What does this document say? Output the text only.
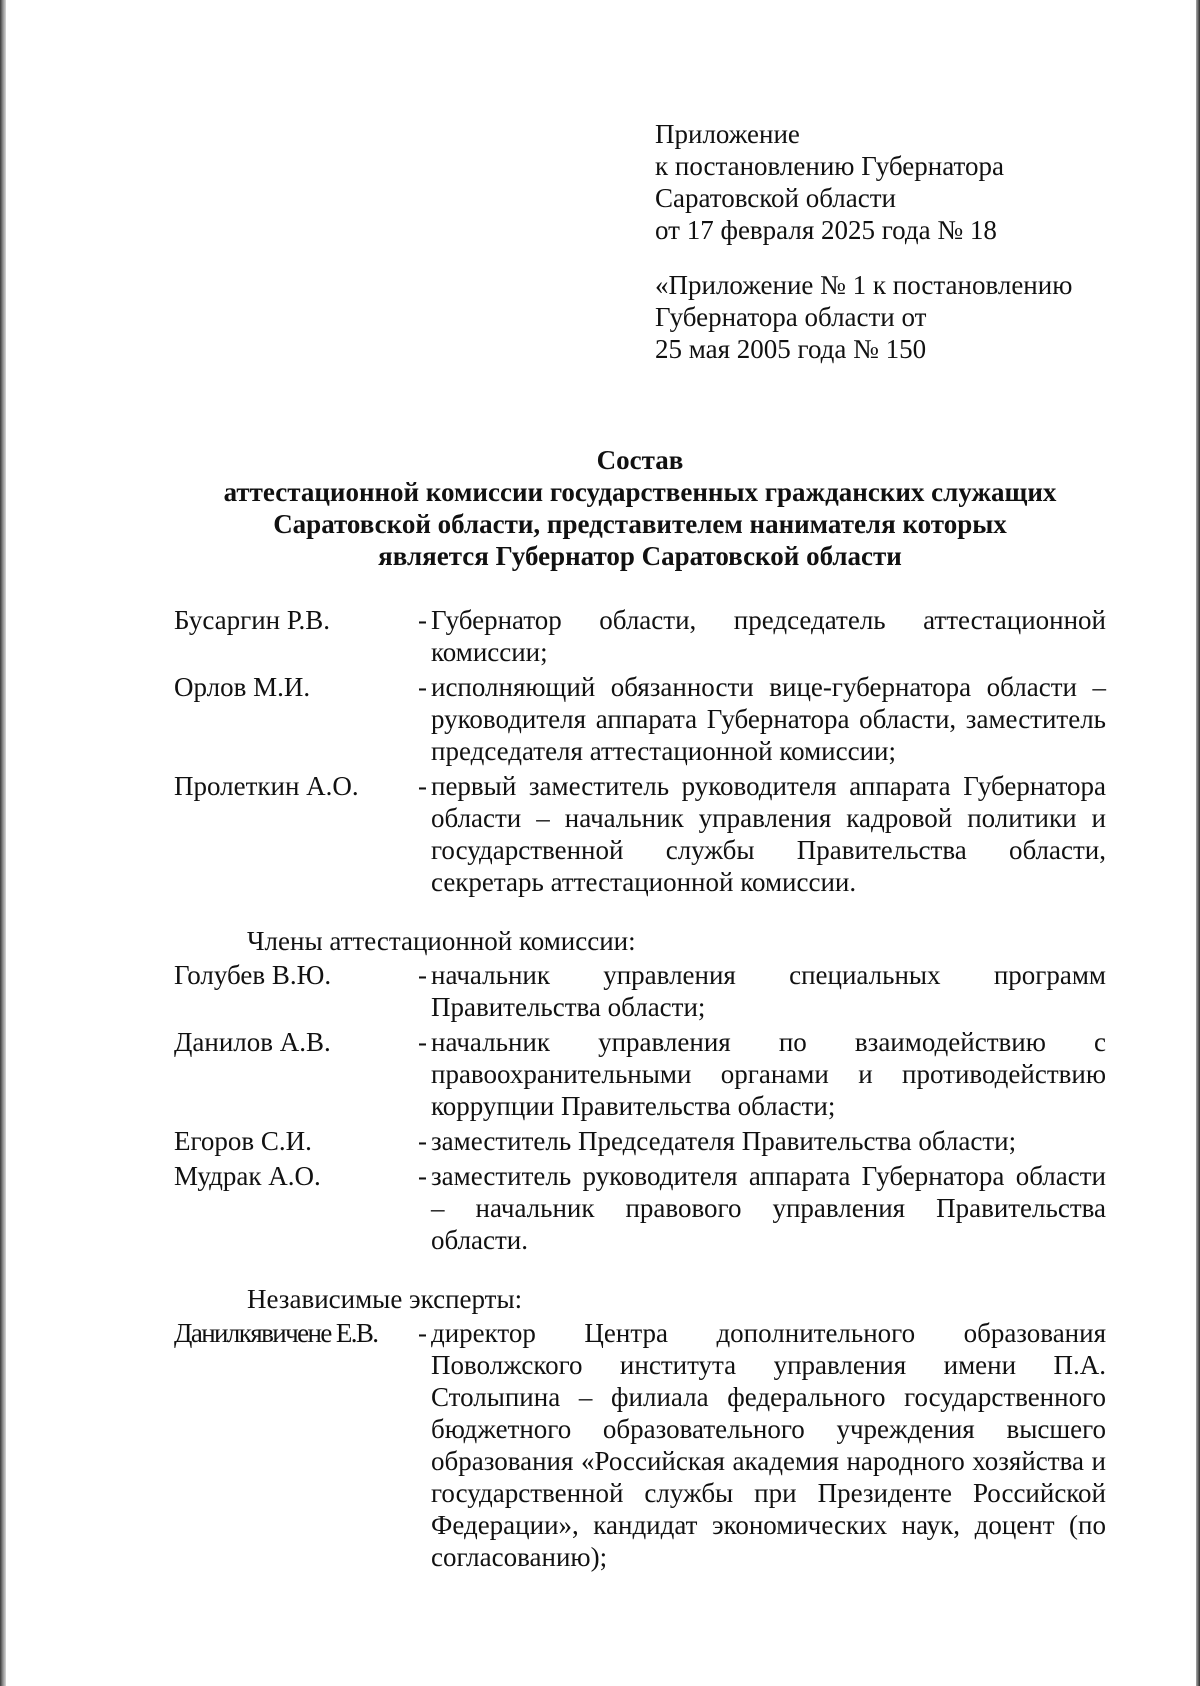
Приложение
к постановлению Губернатора
Саратовской области
от 17 февраля 2025 года № 18
«Приложение № 1 к постановлению
Губернатора области от
25 мая 2005 года № 150
Состав
аттестационной комиссии государственных гражданских служащих
Саратовской области, представителем нанимателя которых
является Губернатор Саратовской области
Бусаргин Р.В.	- Губернатор области, председатель аттестационной комиссии;
Орлов М.И.	- исполняющий обязанности вице-губернатора области – руководителя аппарата Губернатора области, заместитель председателя аттестационной комиссии;
Пролеткин А.О.	- первый заместитель руководителя аппарата Губернатора области – начальник управления кадровой политики и государственной службы Правительства области, секретарь аттестационной комиссии.
Члены аттестационной комиссии:
Голубев В.Ю.	- начальник управления специальных программ Правительства области;
Данилов А.В.	- начальник управления по взаимодействию с правоохранительными органами и противодействию коррупции Правительства области;
Егоров С.И.	- заместитель Председателя Правительства области;
Мудрак А.О.	- заместитель руководителя аппарата Губернатора области – начальник правового управления Правительства области.
Независимые эксперты:
Данилкявичене Е.В.	- директор Центра дополнительного образования Поволжского института управления имени П.А. Столыпина – филиала федерального государственного бюджетного образовательного учреждения высшего образования «Российская академия народного хозяйства и государственной службы при Президенте Российской Федерации», кандидат экономических наук, доцент (по согласованию);
